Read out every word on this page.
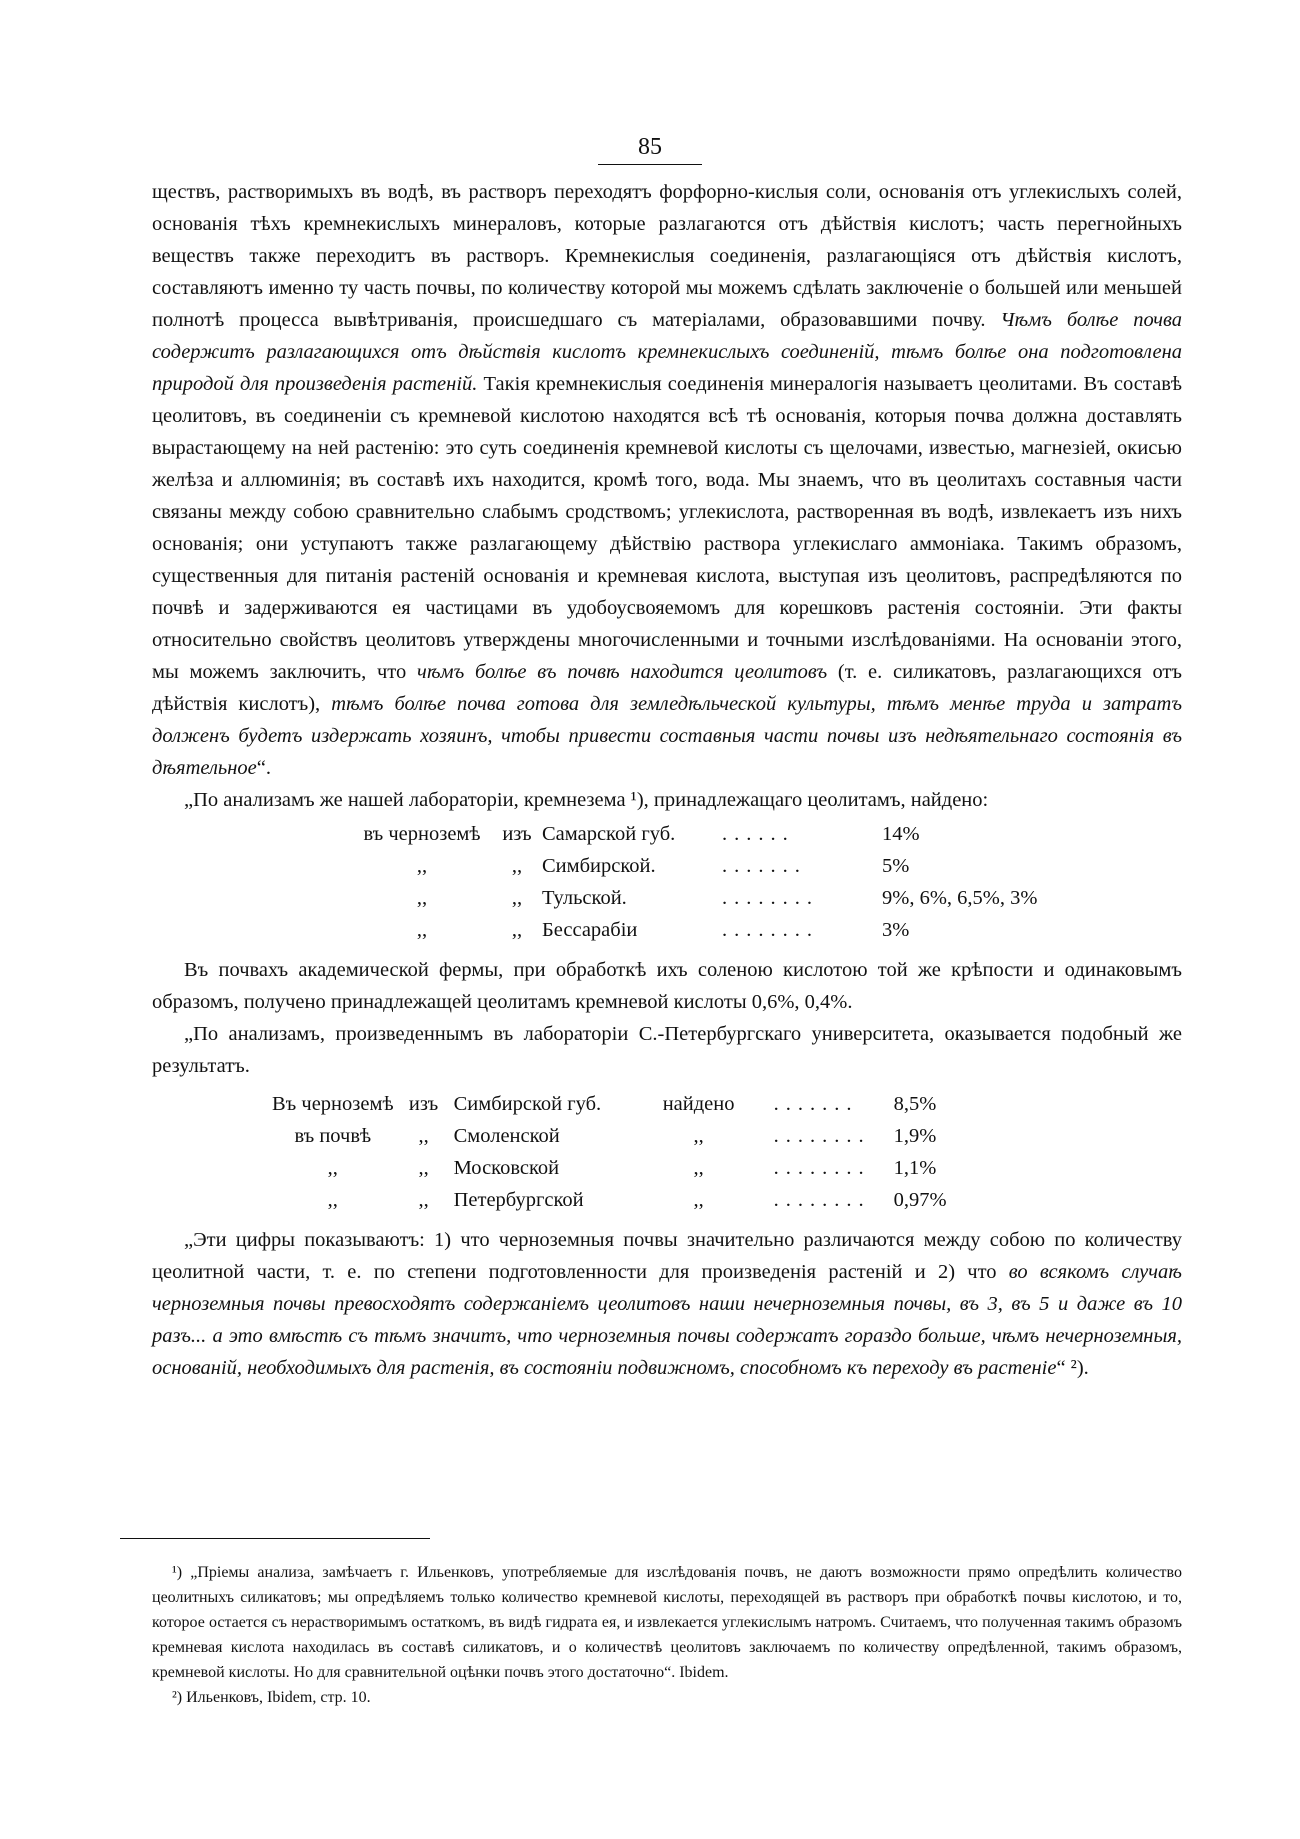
85

ществъ, растворимыхъ въ водѣ, въ растворъ переходятъ форфорно-кислыя соли, основанія отъ углекислыхъ солей, основанія тѣхъ кремнекислыхъ минераловъ, которые разлагаются отъ дѣйствія кислотъ; часть перегнойныхъ веществъ также переходитъ въ растворъ. Кремнекислыя соединенія, разлагающіяся отъ дѣйствія кислотъ, составляютъ именно ту часть почвы, по количеству которой мы можемъ сдѣлать заключеніе о большей или меньшей полнотѣ процесса вывѣтриванія, происшедшаго съ матеріалами, образовавшими почву. Чѣмъ болѣе почва содержитъ разлагающихся отъ дѣйствія кислотъ кремнекислыхъ соединеній, тѣмъ болѣе она подготовлена природой для произведенія растеній. Такія кремнекислыя соединенія минералогія называетъ цеолитами. Въ составѣ цеолитовъ, въ соединеніи съ кремневой кислотою находятся всѣ тѣ основанія, которыя почва должна доставлять вырастающему на ней растенію: это суть соединенія кремневой кислоты съ щелочами, известью, магнезіей, окисью желѣза и аллюминія; въ составѣ ихъ находится, кромѣ того, вода. Мы знаемъ, что въ цеолитахъ составныя части связаны между собою сравнительно слабымъ сродствомъ; углекислота, растворенная въ водѣ, извлекаетъ изъ нихъ основанія; они уступаютъ также разлагающему дѣйствію раствора углекислаго аммоніака. Такимъ образомъ, существенныя для питанія растеній основанія и кремневая кислота, выступая изъ цеолитовъ, распредѣляются по почвѣ и задерживаются ея частицами въ удобоусвояемомъ для корешковъ растенія состояніи. Эти факты относительно свойствъ цеолитовъ утверждены многочисленными и точными изслѣдованіями. На основаніи этого, мы можемъ заключить, что чѣмъ болѣе въ почвѣ находится цеолитовъ (т. е. силикатовъ, разлагающихся отъ дѣйствія кислотъ), тѣмъ болѣе почва готова для земледѣльческой культуры, тѣмъ менѣе труда и затратъ долженъ будетъ издержать хозяинъ, чтобы привести составныя части почвы изъ недѣятельнаго состоянія въ дѣятельное“.

„По анализамъ же нашей лабораторіи, кремнезема ¹), принадлежащаго цеолитамъ, найдено:

въ черноземѣ	изъ	Самарской губ.	......	14%
,,	,,	Симбирской.	.......	5%
,,	,,	Тульской.	........	9%, 6%, 6,5%, 3%
,,	,,	Бессарабіи	........	3%

Въ почвахъ академической фермы, при обработкѣ ихъ соленою кислотою той же крѣпости и одинаковымъ образомъ, получено принадлежащей цеолитамъ кремневой кислоты 0,6%, 0,4%.

„По анализамъ, произведеннымъ въ лабораторіи С.-Петербургскаго университета, оказывается подобный же результатъ.

Въ черноземѣ	изъ	Симбирской губ.	найдено	.......	8,5%
въ почвѣ	,,	Смоленской	,,	........	1,9%
,,	,,	Московской	,,	........	1,1%
,,	,,	Петербургской	,,	........	0,97%

„Эти цифры показываютъ: 1) что черноземныя почвы значительно различаются между собою по количеству цеолитной части, т. е. по степени подготовленности для произведенія растеній и 2) что во всякомъ случаѣ черноземныя почвы превосходятъ содержаніемъ цеолитовъ наши нечерноземныя почвы, въ 3, въ 5 и даже въ 10 разъ... а это вмѣстѣ съ тѣмъ значитъ, что черноземныя почвы содержатъ гораздо больше, чѣмъ нечерноземныя, основаній, необходимыхъ для растенія, въ состояніи подвижномъ, способномъ къ переходу въ растеніе“ ²).

¹) „Пріемы анализа, замѣчаетъ г. Ильенковъ, употребляемые для изслѣдованія почвъ, не даютъ возможности прямо опредѣлить количество цеолитныхъ силикатовъ; мы опредѣляемъ только количество кремневой кислоты, переходящей въ растворъ при обработкѣ почвы кислотою, и то, которое остается съ нерастворимымъ остаткомъ, въ видѣ гидрата ея, и извлекается углекислымъ натромъ. Считаемъ, что полученная такимъ образомъ кремневая кислота находилась въ составѣ силикатовъ, и о количествѣ цеолитовъ заключаемъ по количеству опредѣленной, такимъ образомъ, кремневой кислоты. Но для сравнительной оцѣнки почвъ этого достаточно“. Ibidem.

²) Ильенковъ, Ibidem, стр. 10.
